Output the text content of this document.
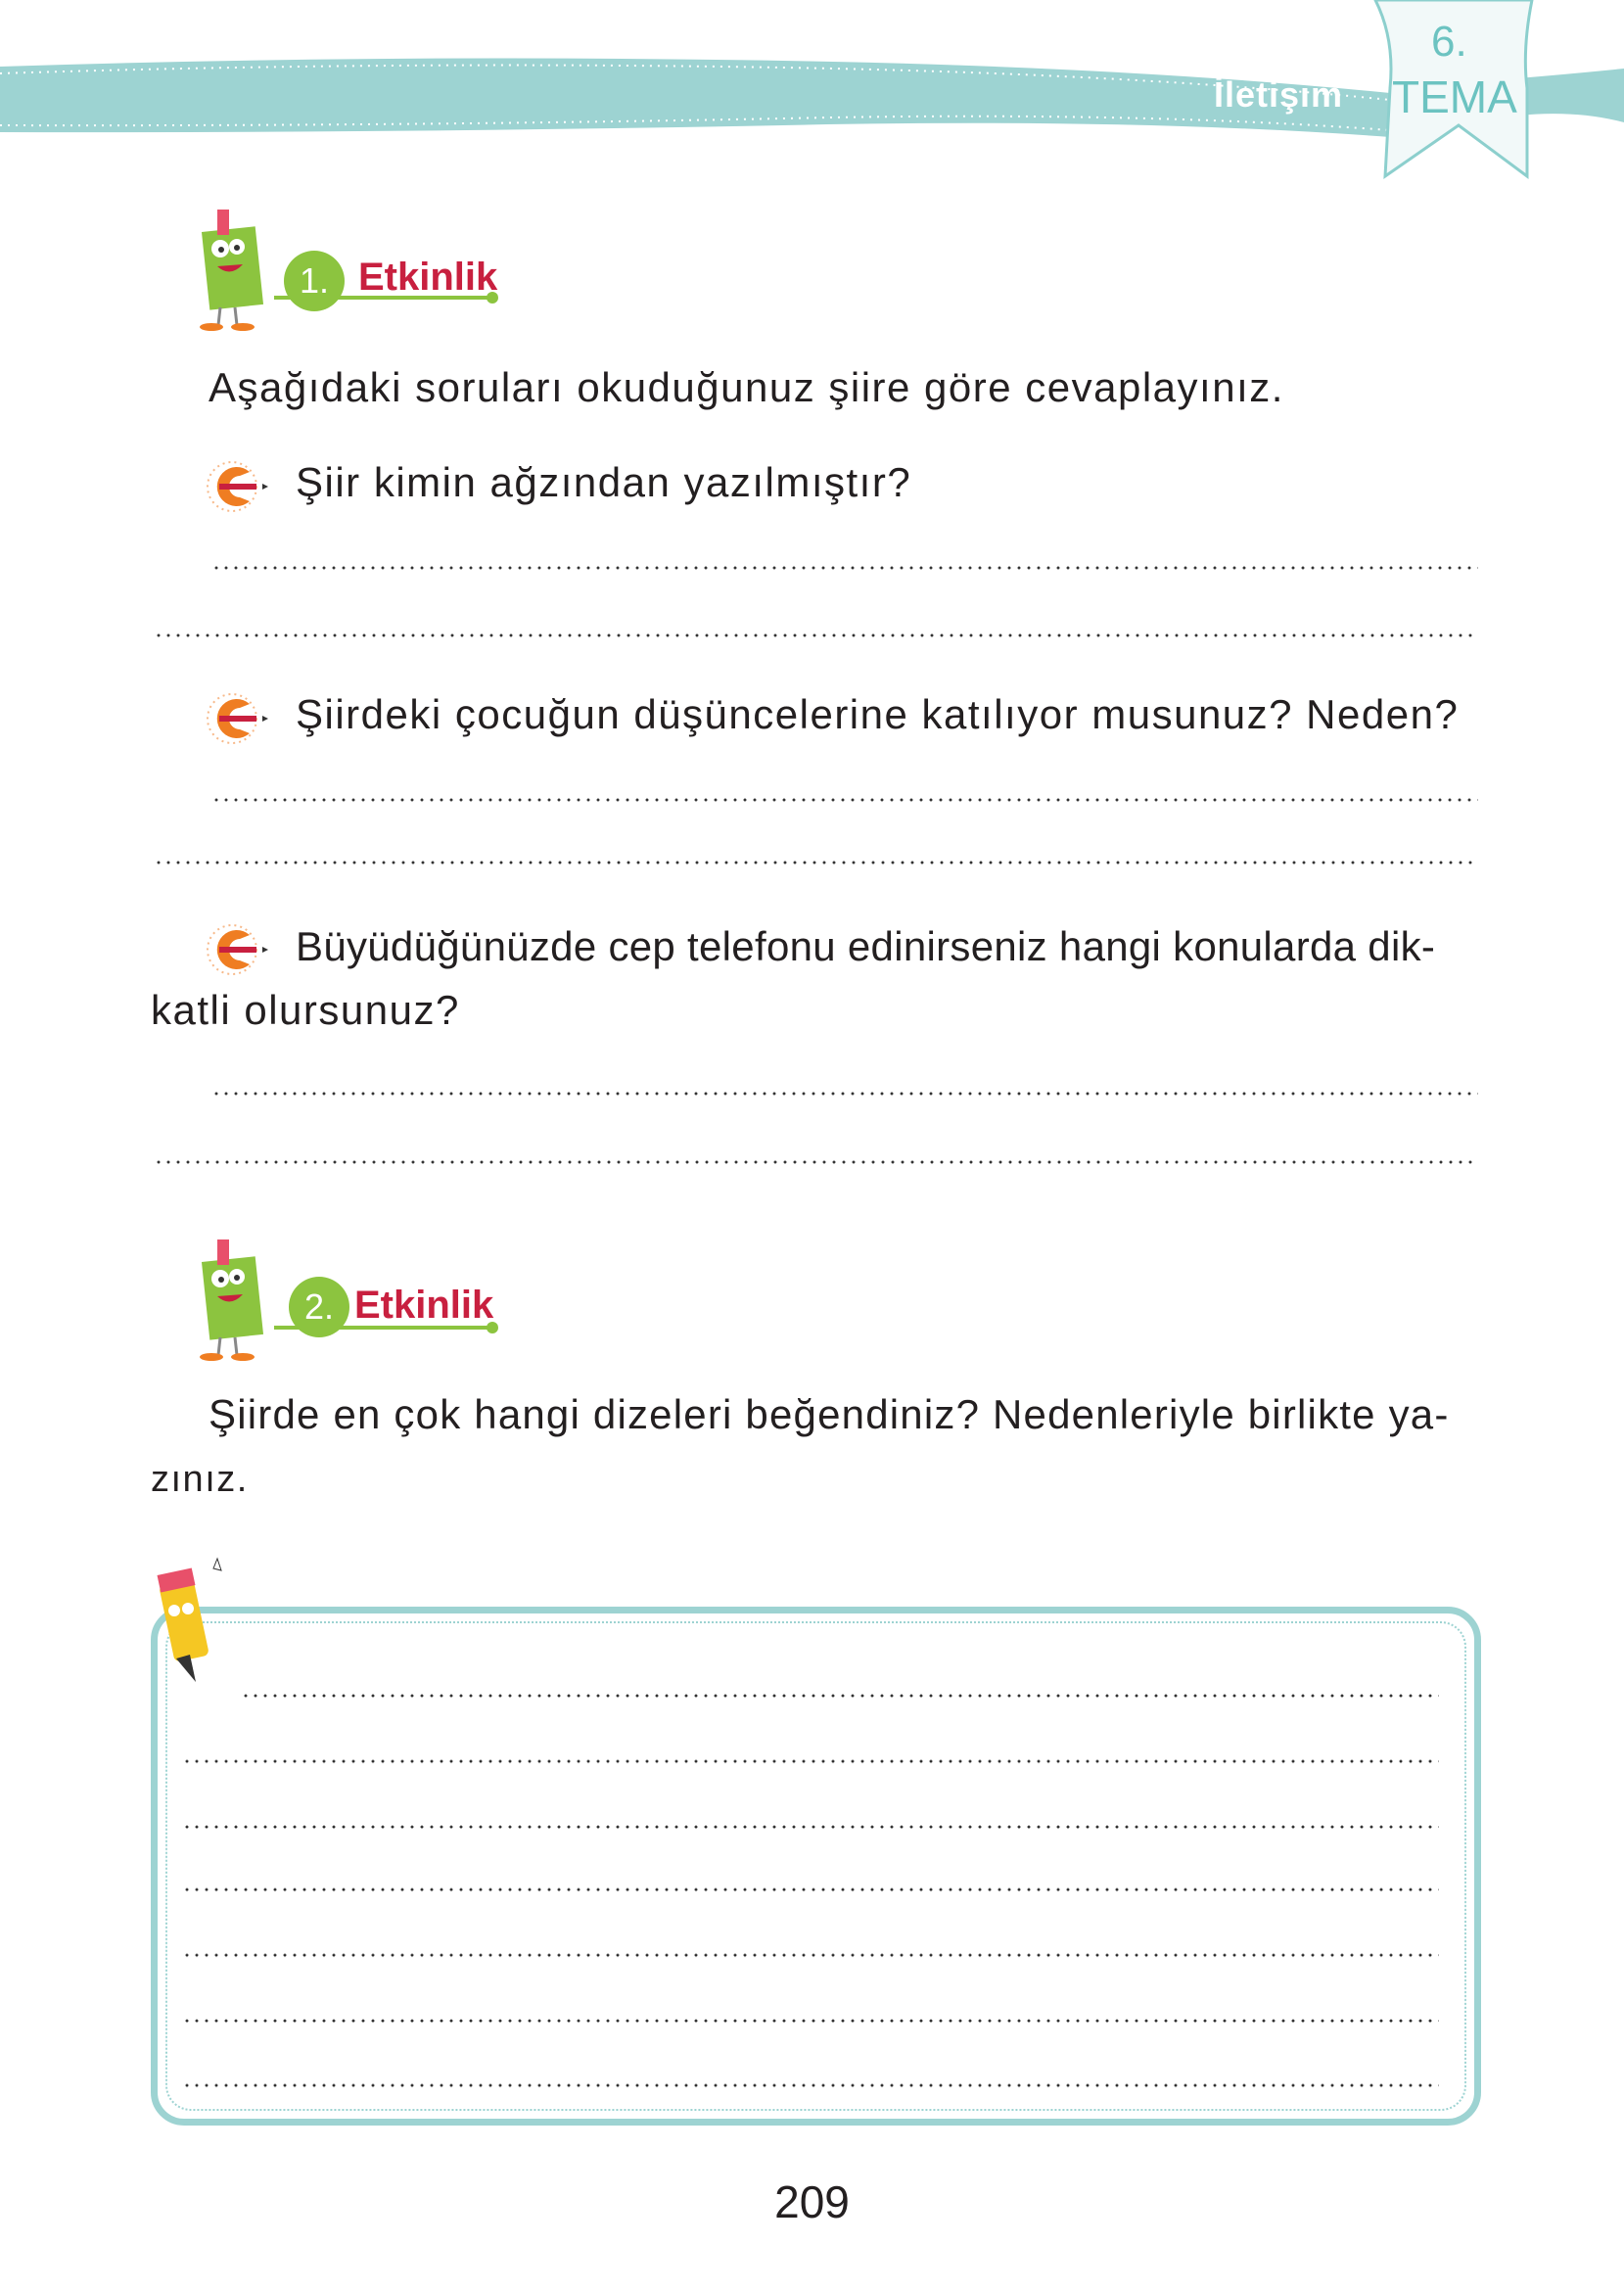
İletişim
6.
TEMA
1. Etkinlik
Aşağıdaki soruları okuduğunuz şiire göre cevaplayınız.
Şiir kimin ağzından yazılmıştır?
Şiirdeki çocuğun düşüncelerine katılıyor musunuz? Neden?
Büyüdüğünüzde cep telefonu edinirseniz hangi konularda dik-
katli olursunuz?
2. Etkinlik
Şiirde en çok hangi dizeleri beğendiniz? Nedenleriyle birlikte ya-
zınız.
209
